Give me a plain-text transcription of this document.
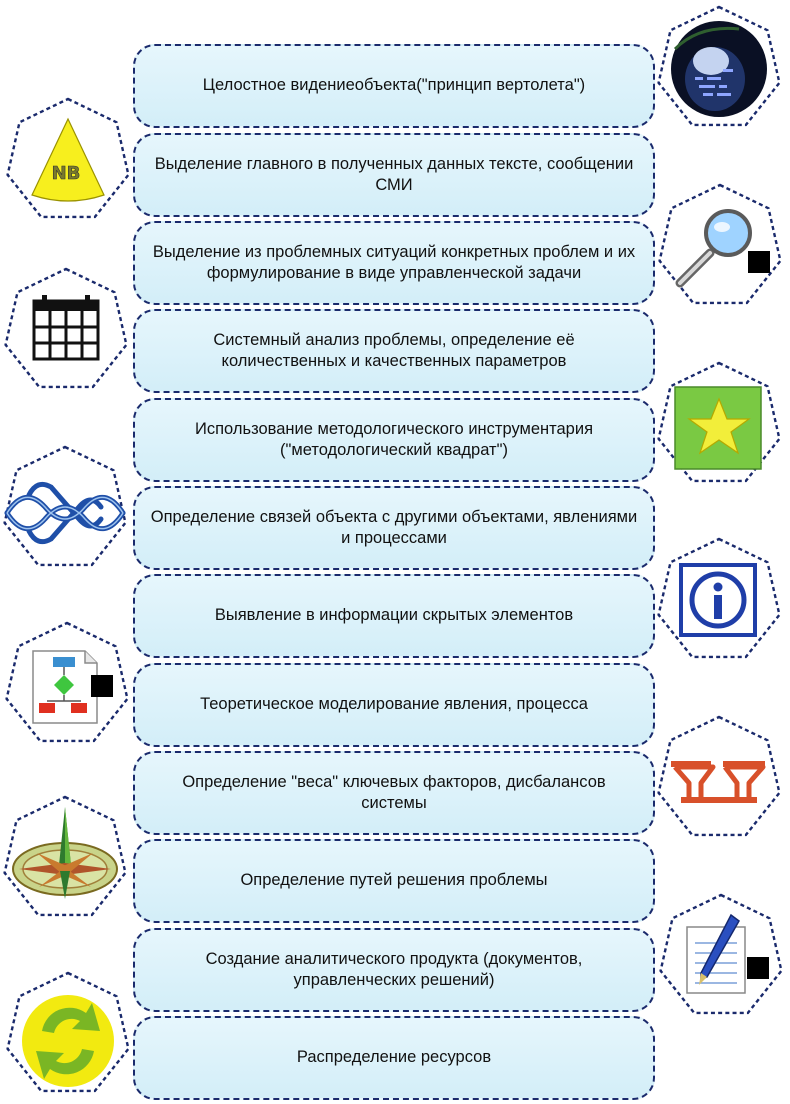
NB
Целостное видениеобъекта("принцип вертолета")
Выделение главного в полученных данных тексте, сообщении СМИ
Выделение из проблемных ситуаций конкретных проблем и их формулирование в виде управленческой задачи
Системный анализ проблемы, определение её количественных и качественных параметров
Использование методологического инструментария ("методологический квадрат")
Определение связей объекта с другими объектами, явлениями и процессами
Выявление в информации скрытых элементов
Теоретическое моделирование явления, процесса
Определение "веса" ключевых факторов, дисбалансов системы
Определение путей решения проблемы
Создание аналитического продукта (документов, управленческих решений)
Распределение ресурсов
